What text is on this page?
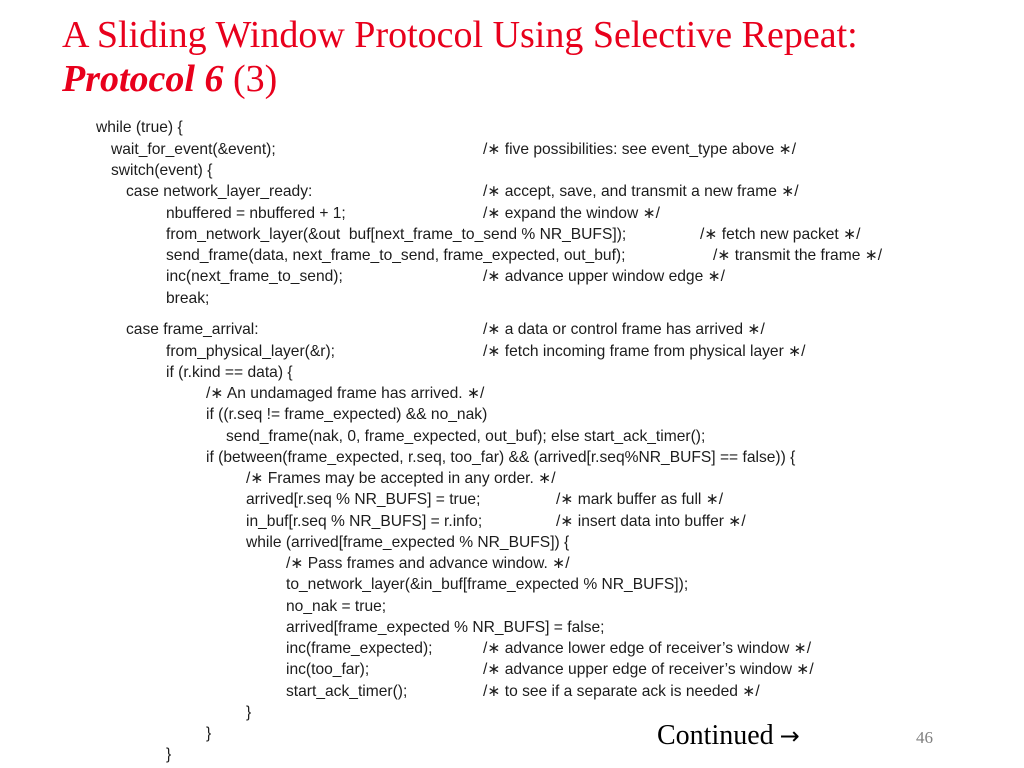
A Sliding Window Protocol Using Selective Repeat:
Protocol 6 (3)
while (true) {
wait_for_event(&event);
switch(event) {
case network_layer_ready:
nbuffered = nbuffered + 1;
from_network_layer(&out  buf[next_frame_to_send % NR_BUFS]);
send_frame(data, next_frame_to_send, frame_expected, out_buf);
inc(next_frame_to_send);
break;
case frame_arrival:
from_physical_layer(&r);
if (r.kind == data) {
/∗ An undamaged frame has arrived. ∗/
if ((r.seq != frame_expected) && no_nak)
send_frame(nak, 0, frame_expected, out_buf); else start_ack_timer();
if (between(frame_expected, r.seq, too_far) && (arrived[r.seq%NR_BUFS] == false)) {
/∗ Frames may be accepted in any order. ∗/
arrived[r.seq % NR_BUFS] = true;
in_buf[r.seq % NR_BUFS] = r.info;
while (arrived[frame_expected % NR_BUFS]) {
/∗ Pass frames and advance window. ∗/
to_network_layer(&in_buf[frame_expected % NR_BUFS]);
no_nak = true;
arrived[frame_expected % NR_BUFS] = false;
inc(frame_expected);
inc(too_far);
start_ack_timer();
}
}
}
/∗ five possibilities: see event_type above ∗/
/∗ accept, save, and transmit a new frame ∗/
/∗ expand the window ∗/
/∗ fetch new packet ∗/
/∗ transmit the frame ∗/
/∗ advance upper window edge ∗/
/∗ a data or control frame has arrived ∗/
/∗ fetch incoming frame from physical layer ∗/
/∗ mark buffer as full ∗/
/∗ insert data into buffer ∗/
/∗ advance lower edge of receiver’s window ∗/
/∗ advance upper edge of receiver’s window ∗/
/∗ to see if a separate ack is needed ∗/
Continued →	46
